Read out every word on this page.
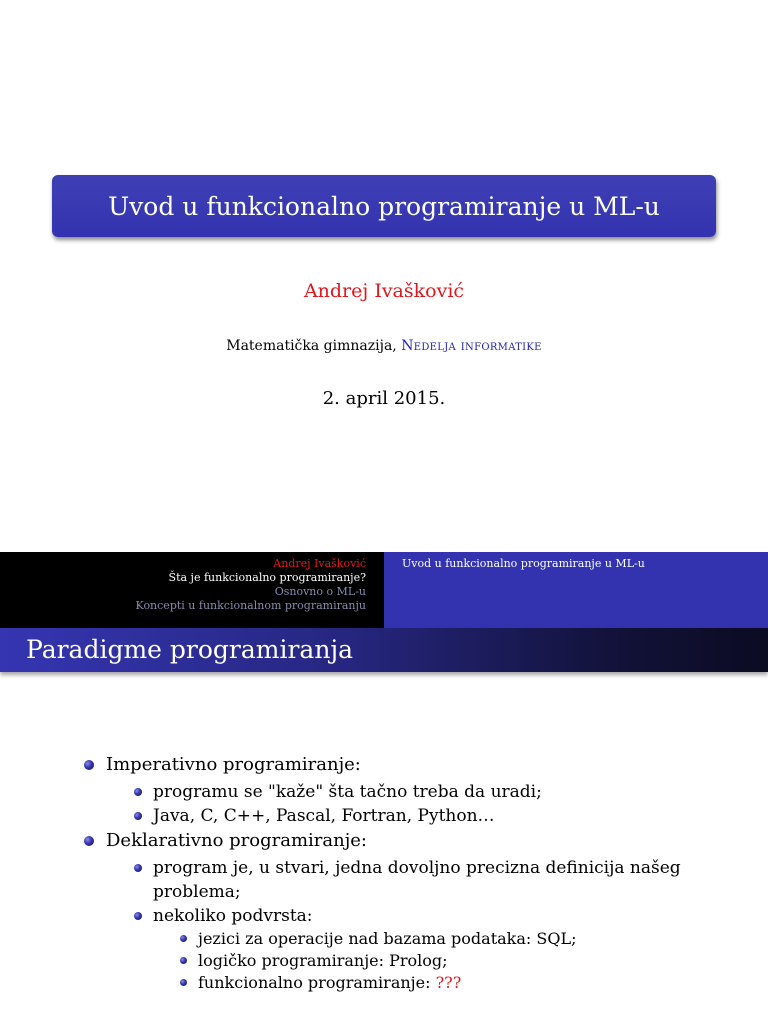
Uvod u funkcionalno programiranje u ML-u
Andrej Ivašković
Matematička gimnazija, Nedelja informatike
2. april 2015.
Andrej Ivašković
Šta je funkcionalno programiranje?
Osnovno o ML-u
Koncepti u funkcionalnom programiranju
Uvod u funkcionalno programiranje u ML-u
Paradigme programiranja
Imperativno programiranje:
programu se "kaže" šta tačno treba da uradi;
Java, C, C++, Pascal, Fortran, Python…
Deklarativno programiranje:
program je, u stvari, jedna dovoljno precizna definicija našeg problema;
nekoliko podvrsta:
jezici za operacije nad bazama podataka: SQL;
logičko programiranje: Prolog;
funkcionalno programiranje: ???
